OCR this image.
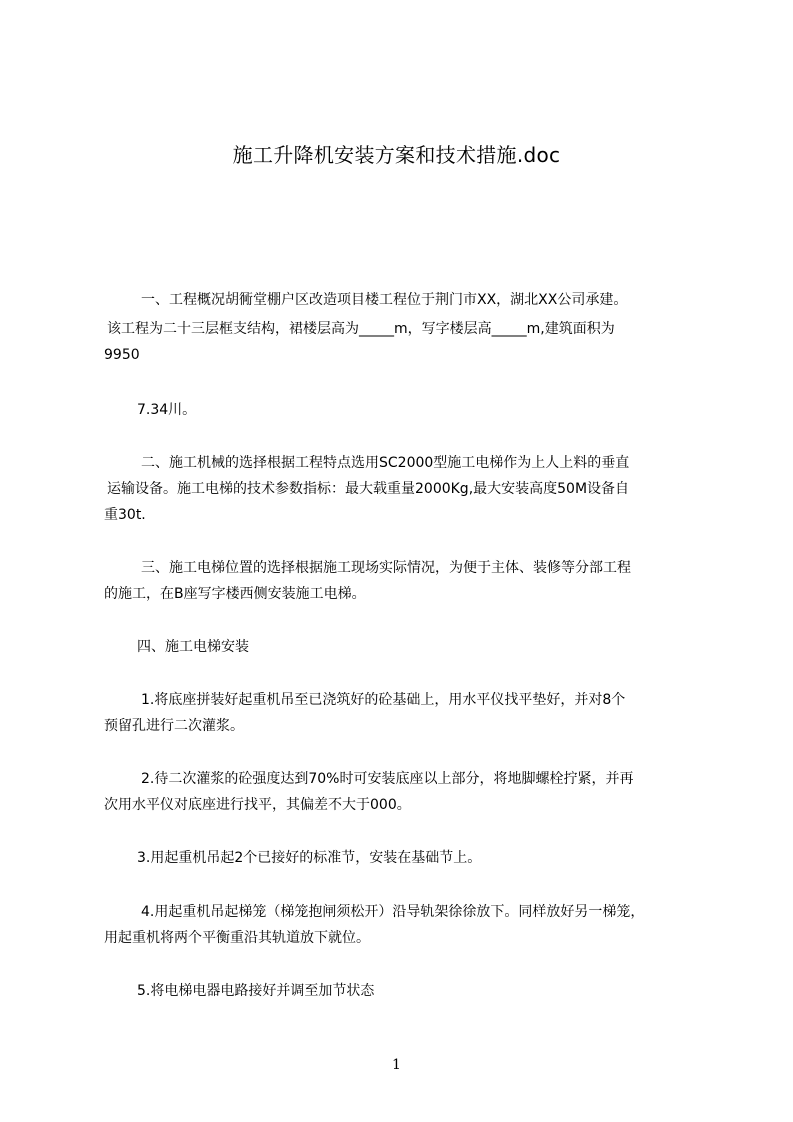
施工升降机安装方案和技术措施.doc
一、工程概况胡衕堂棚户区改造项目楼工程位于荆门市XX，湖北XX公司承建。
该工程为二十三层框支结构，裙楼层高为_____m，写字楼层高_____m,建筑面积为
9950
7.34川。
二、施工机械的选择根据工程特点选用SC2000型施工电梯作为上人上料的垂直
运输设备。施工电梯的技术参数指标：最大载重量2000Kg,最大安装高度50M设备自
重30t.
三、施工电梯位置的选择根据施工现场实际情况，为便于主体、装修等分部工程
的施工，在B座写字楼西侧安装施工电梯。
四、施工电梯安装
1.将底座拼装好起重机吊至已浇筑好的砼基础上，用水平仪找平垫好，并对8个
预留孔进行二次灌浆。
2.待二次灌浆的砼强度达到70%时可安装底座以上部分，将地脚螺栓拧紧，并再
次用水平仪对底座进行找平，其偏差不大于000。
3.用起重机吊起2个已接好的标准节，安装在基础节上。
4.用起重机吊起梯笼（梯笼抱闸须松开）沿导轨架徐徐放下。同样放好另一梯笼，
用起重机将两个平衡重沿其轨道放下就位。
5.将电梯电器电路接好并调至加节状态
1
